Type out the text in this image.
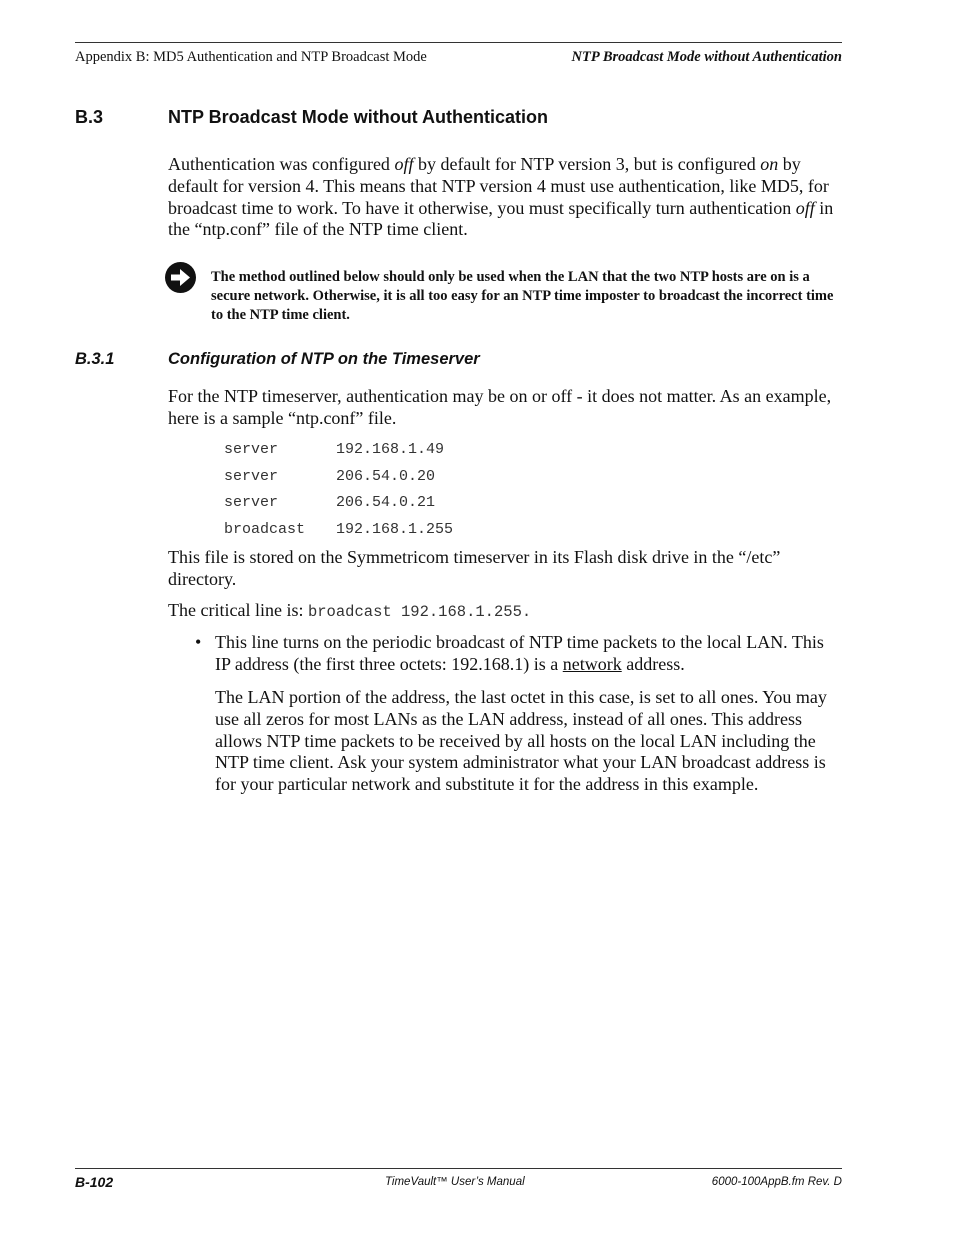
Appendix B: MD5 Authentication and NTP Broadcast Mode	NTP Broadcast Mode without Authentication
B.3	NTP Broadcast Mode without Authentication

Authentication was configured off by default for NTP version 3, but is configured on by default for version 4. This means that NTP version 4 must use authentication, like MD5, for broadcast time to work. To have it otherwise, you must specifically turn authentication off in the “ntp.conf” file of the NTP time client.

The method outlined below should only be used when the LAN that the two NTP hosts are on is a secure network. Otherwise, it is all too easy for an NTP time imposter to broadcast the incorrect time to the NTP time client.
B.3.1	Configuration of NTP on the Timeserver

For the NTP timeserver, authentication may be on or off - it does not matter. As an example, here is a sample “ntp.conf” file.

server	192.168.1.49
server	206.54.0.20
server	206.54.0.21
broadcast 192.168.1.255

This file is stored on the Symmetricom timeserver in its Flash disk drive in the “/etc” directory.

The critical line is: broadcast 192.168.1.255.

• This line turns on the periodic broadcast of NTP time packets to the local LAN. This IP address (the first three octets: 192.168.1) is a network address.

The LAN portion of the address, the last octet in this case, is set to all ones. You may use all zeros for most LANs as the LAN address, instead of all ones. This address allows NTP time packets to be received by all hosts on the local LAN including the NTP time client. Ask your system administrator what your LAN broadcast address is for your particular network and substitute it for the address in this example.

B-102	TimeVault™ User’s Manual	6000-100AppB.fm Rev. D
